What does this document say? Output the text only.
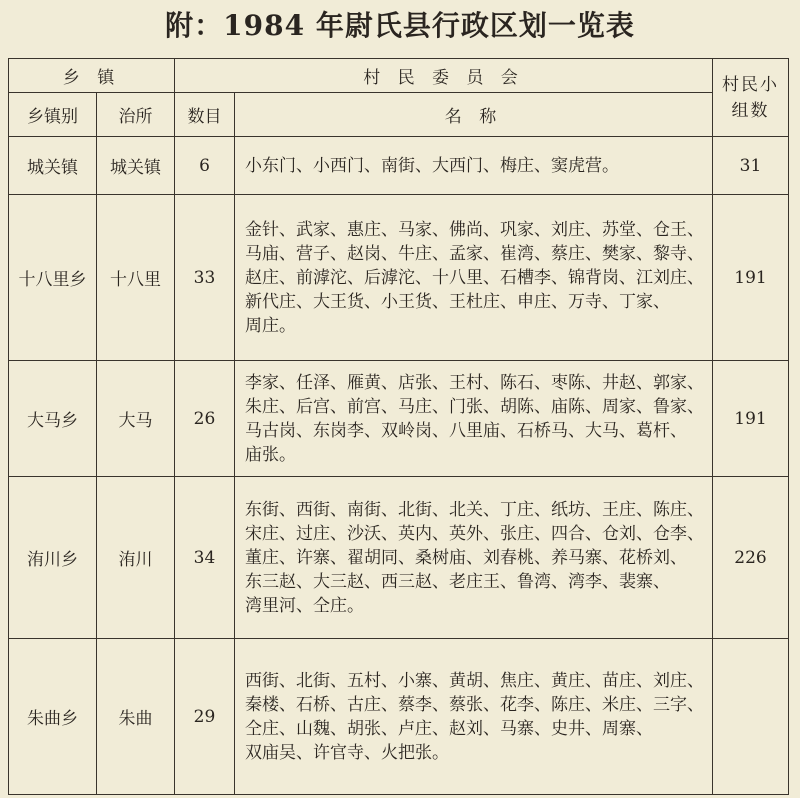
附：1984 年尉氏县行政区划一览表
乡 镇		村 民 委 员 会		村民小组数
乡镇别	治所	数目	名 称	
城关镇	城关镇	6	小东门、小西门、南街、大西门、梅庄、窦虎营。	31
十八里乡	十八里	33	金针、武家、惠庄、马家、佛尚、巩家、刘庄、苏堂、仓王、马庙、营子、赵岗、牛庄、孟家、崔湾、蔡庄、樊家、黎寺、赵庄、前滹沱、后滹沱、十八里、石槽李、锦背岗、江刘庄、新代庄、大王货、小王货、王杜庄、申庄、万寺、丁家、周庄。	191
大马乡	大马	26	李家、任泽、雁黄、店张、王村、陈石、枣陈、井赵、郭家、朱庄、后宫、前宫、马庄、门张、胡陈、庙陈、周家、鲁家、马古岗、东岗李、双岭岗、八里庙、石桥马、大马、葛杆、庙张。	191
洧川乡	洧川	34	东街、西街、南街、北街、北关、丁庄、纸坊、王庄、陈庄、宋庄、过庄、沙沃、英内、英外、张庄、四合、仓刘、仓李、董庄、许寨、翟胡同、桑树庙、刘春桃、养马寨、花桥刘、东三赵、大三赵、西三赵、老庄王、鲁湾、湾李、裴寨、湾里河、仝庄。	226
朱曲乡	朱曲	29	西街、北街、五村、小寨、黄胡、焦庄、黄庄、苗庄、刘庄、秦楼、石桥、古庄、蔡李、蔡张、花李、陈庄、米庄、三字、仝庄、山魏、胡张、卢庄、赵刘、马寨、史井、周寨、双庙吴、许官寺、火把张。	
